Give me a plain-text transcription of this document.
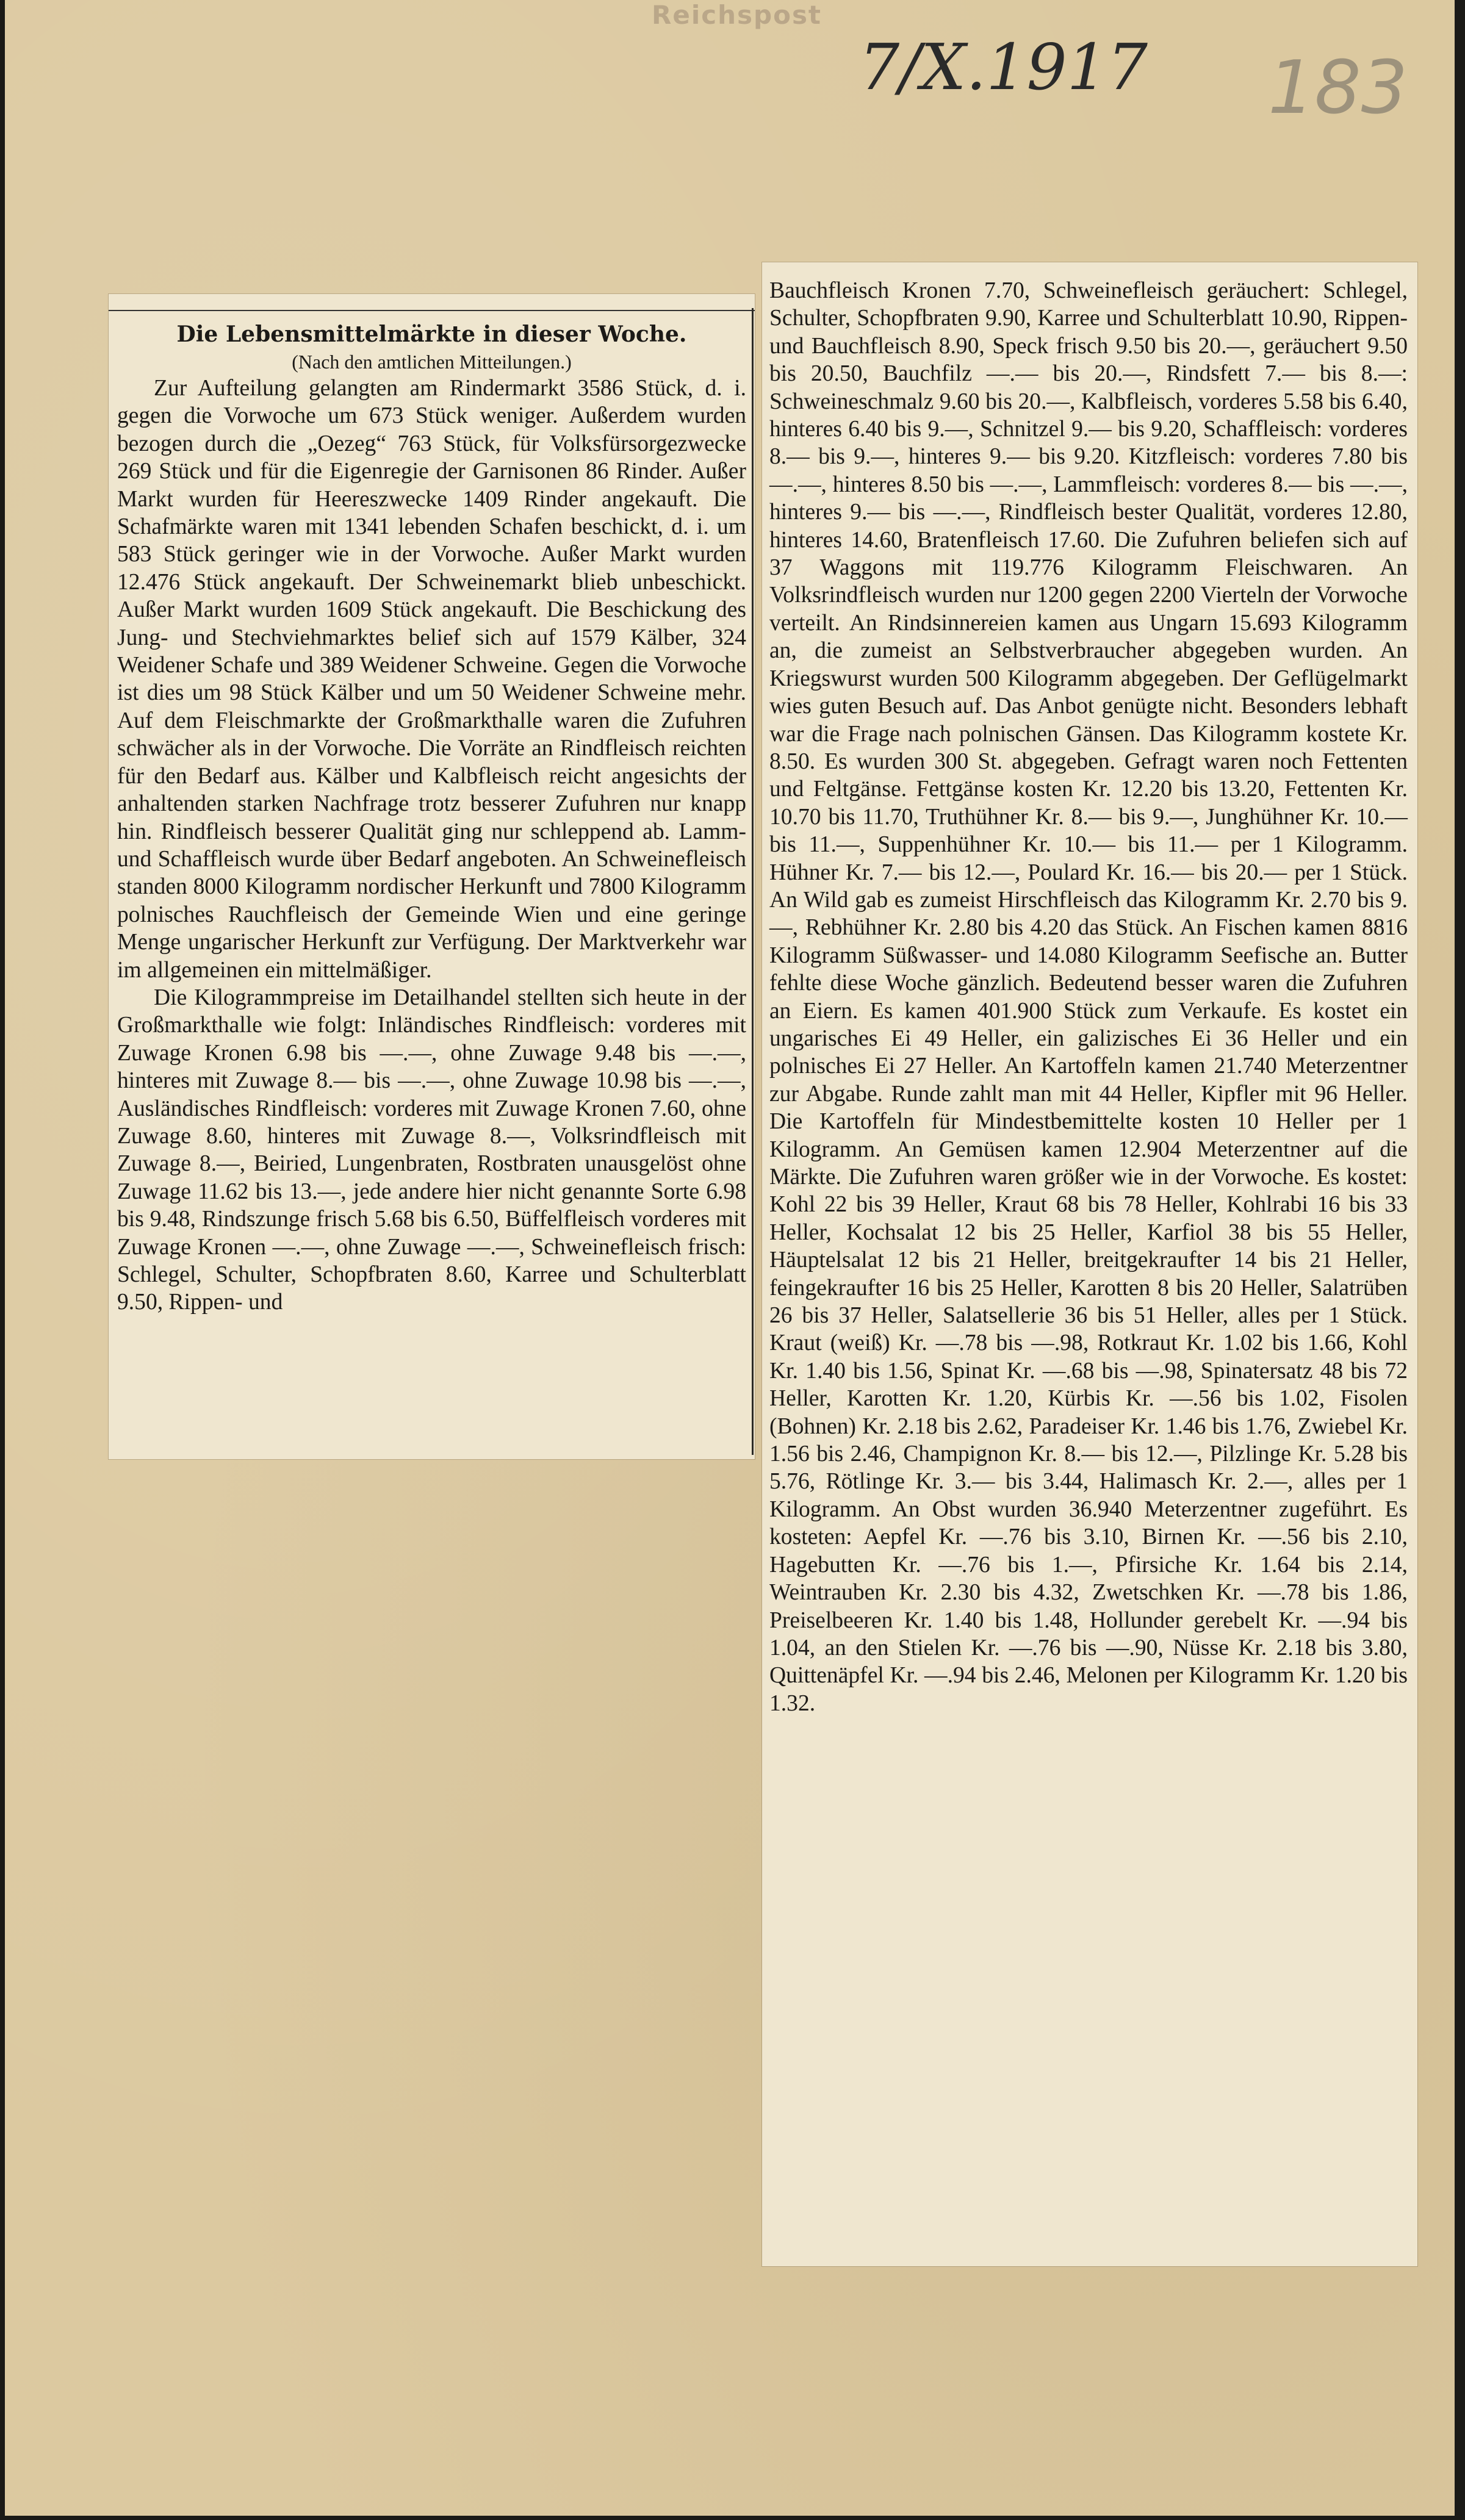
Reichspost
7/X.1917 183
Die Lebensmittelmärkte in dieser Woche.
(Nach den amtlichen Mitteilungen.)

Zur Aufteilung gelangten am Rindermarkt 3586 Stück, d. i. gegen die Vorwoche um 673 Stück weniger. Außerdem wurden bezogen durch die „Oezeg“ 763 Stück, für Volksfürsorgezwecke 269 Stück und für die Eigenregie der Garnisonen 86 Rinder. Außer Markt wurden für Heereszwecke 1409 Rinder angekauft. Die Schafmärkte waren mit 1341 lebenden Schafen beschickt, d. i. um 583 Stück geringer wie in der Vorwoche. Außer Markt wurden 12.476 Stück angekauft. Der Schweinemarkt blieb unbeschickt. Außer Markt wurden 1609 Stück angekauft. Die Beschickung des Jung- und Stechviehmarktes belief sich auf 1579 Kälber, 324 Weidener Schafe und 389 Weidener Schweine. Gegen die Vorwoche ist dies um 98 Stück Kälber und um 50 Weidener Schweine mehr. Auf dem Fleischmarkte der Großmarkthalle waren die Zufuhren schwächer als in der Vorwoche. Die Vorräte an Rindfleisch reichten für den Bedarf aus. Kälber und Kalbfleisch reicht angesichts der anhaltenden starken Nachfrage trotz besserer Zufuhren nur knapp hin. Rindfleisch besserer Qualität ging nur schleppend ab. Lamm- und Schaffleisch wurde über Bedarf angeboten. An Schweinefleisch standen 8000 Kilogramm nordischer Herkunft und 7800 Kilogramm polnisches Rauchfleisch der Gemeinde Wien und eine geringe Menge ungarischer Herkunft zur Verfügung. Der Marktverkehr war im allgemeinen ein mittelmäßiger.

Die Kilogrammpreise im Detailhandel stellten sich heute in der Großmarkthalle wie folgt: Inländisches Rindfleisch: vorderes mit Zuwage Kronen 6.98 bis —.—, ohne Zuwage 9.48 bis —.—, hinteres mit Zuwage 8.— bis —.—, ohne Zuwage 10.98 bis —.—, Ausländisches Rindfleisch: vorderes mit Zuwage Kronen 7.60, ohne Zuwage 8.60, hinteres mit Zuwage 8.—, Volksrindfleisch mit Zuwage 8.—, Beiried, Lungenbraten, Rostbraten unausgelöst ohne Zuwage 11.62 bis 13.—, jede andere hier nicht genannte Sorte 6.98 bis 9.48, Rindszunge frisch 5.68 bis 6.50, Büffelfleisch vorderes mit Zuwage Kronen —.—, ohne Zuwage —.—, Schweinefleisch frisch: Schlegel, Schulter, Schopfbraten 8.60, Karree und Schulterblatt 9.50, Rippen- und

Bauchfleisch Kronen 7.70, Schweinefleisch geräuchert: Schlegel, Schulter, Schopfbraten 9.90, Karree und Schulterblatt 10.90, Rippen- und Bauchfleisch 8.90, Speck frisch 9.50 bis 20.—, geräuchert 9.50 bis 20.50, Bauchfilz —.— bis 20.—, Rindsfett 7.— bis 8.—: Schweineschmalz 9.60 bis 20.—, Kalbfleisch, vorderes 5.58 bis 6.40, hinteres 6.40 bis 9.—, Schnitzel 9.— bis 9.20, Schaffleisch: vorderes 8.— bis 9.—, hinteres 9.— bis 9.20. Kitzfleisch: vorderes 7.80 bis —.—, hinteres 8.50 bis —.—, Lammfleisch: vorderes 8.— bis —.—, hinteres 9.— bis —.—, Rindfleisch bester Qualität, vorderes 12.80, hinteres 14.60, Bratenfleisch 17.60. Die Zufuhren beliefen sich auf 37 Waggons mit 119.776 Kilogramm Fleischwaren. An Volksrindfleisch wurden nur 1200 gegen 2200 Vierteln der Vorwoche verteilt. An Rindsinnereien kamen aus Ungarn 15.693 Kilogramm an, die zumeist an Selbstverbraucher abgegeben wurden. An Kriegswurst wurden 500 Kilogramm abgegeben. Der Geflügelmarkt wies guten Besuch auf. Das Anbot genügte nicht. Besonders lebhaft war die Frage nach polnischen Gänsen. Das Kilogramm kostete Kr. 8.50. Es wurden 300 St. abgegeben. Gefragt waren noch Fettenten und Feltgänse. Fettgänse kosten Kr. 12.20 bis 13.20, Fettenten Kr. 10.70 bis 11.70, Truthühner Kr. 8.— bis 9.—, Junghühner Kr. 10.— bis 11.—, Suppenhühner Kr. 10.— bis 11.— per 1 Kilogramm. Hühner Kr. 7.— bis 12.—, Poulard Kr. 16.— bis 20.— per 1 Stück. An Wild gab es zumeist Hirschfleisch das Kilogramm Kr. 2.70 bis 9.—, Rebhühner Kr. 2.80 bis 4.20 das Stück. An Fischen kamen 8816 Kilogramm Süßwasser- und 14.080 Kilogramm Seefische an. Butter fehlte diese Woche gänzlich. Bedeutend besser waren die Zufuhren an Eiern. Es kamen 401.900 Stück zum Verkaufe. Es kostet ein ungarisches Ei 49 Heller, ein galizisches Ei 36 Heller und ein polnisches Ei 27 Heller. An Kartoffeln kamen 21.740 Meterzentner zur Abgabe. Runde zahlt man mit 44 Heller, Kipfler mit 96 Heller. Die Kartoffeln für Mindestbemittelte kosten 10 Heller per 1 Kilogramm. An Gemüsen kamen 12.904 Meterzentner auf die Märkte. Die Zufuhren waren größer wie in der Vorwoche. Es kostet: Kohl 22 bis 39 Heller, Kraut 68 bis 78 Heller, Kohlrabi 16 bis 33 Heller, Kochsalat 12 bis 25 Heller, Karfiol 38 bis 55 Heller, Häuptelsalat 12 bis 21 Heller, breitgekraufter 14 bis 21 Heller, feingekraufter 16 bis 25 Heller, Karotten 8 bis 20 Heller, Salatrüben 26 bis 37 Heller, Salatsellerie 36 bis 51 Heller, alles per 1 Stück. Kraut (weiß) Kr. —.78 bis —.98, Rotkraut Kr. 1.02 bis 1.66, Kohl Kr. 1.40 bis 1.56, Spinat Kr. —.68 bis —.98, Spinatersatz 48 bis 72 Heller, Karotten Kr. 1.20, Kürbis Kr. —.56 bis 1.02, Fisolen (Bohnen) Kr. 2.18 bis 2.62, Paradeiser Kr. 1.46 bis 1.76, Zwiebel Kr. 1.56 bis 2.46, Champignon Kr. 8.— bis 12.—, Pilzlinge Kr. 5.28 bis 5.76, Rötlinge Kr. 3.— bis 3.44, Halimasch Kr. 2.—, alles per 1 Kilogramm. An Obst wurden 36.940 Meterzentner zugeführt. Es kosteten: Aepfel Kr. —.76 bis 3.10, Birnen Kr. —.56 bis 2.10, Hagebutten Kr. —.76 bis 1.—, Pfirsiche Kr. 1.64 bis 2.14, Weintrauben Kr. 2.30 bis 4.32, Zwetschken Kr. —.78 bis 1.86, Preiselbeeren Kr. 1.40 bis 1.48, Hollunder gerebelt Kr. —.94 bis 1.04, an den Stielen Kr. —.76 bis —.90, Nüsse Kr. 2.18 bis 3.80, Quittenäpfel Kr. —.94 bis 2.46, Melonen per Kilogramm Kr. 1.20 bis 1.32.
